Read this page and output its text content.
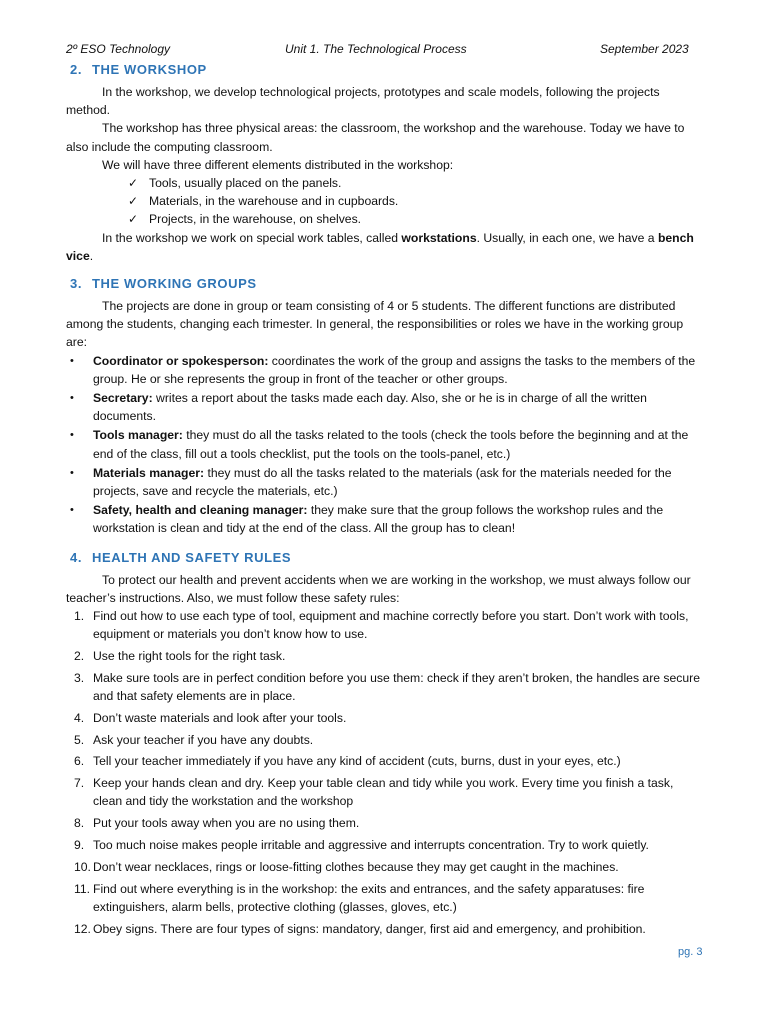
2º ESO Technology	Unit 1. The Technological Process	September 2023
2. THE WORKSHOP

In the workshop, we develop technological projects, prototypes and scale models, following the projects method.

The workshop has three physical areas: the classroom, the workshop and the warehouse. Today we have to also include the computing classroom.

We will have three different elements distributed in the workshop:

✓ Tools, usually placed on the panels.
✓ Materials, in the warehouse and in cupboards.
✓ Projects, in the warehouse, on shelves.

In the workshop we work on special work tables, called workstations. Usually, in each one, we have a bench vice.

3. THE WORKING GROUPS

The projects are done in group or team consisting of 4 or 5 students. The different functions are distributed among the students, changing each trimester. In general, the responsibilities or roles we have in the working group are:

• Coordinator or spokesperson: coordinates the work of the group and assigns the tasks to the members of the group. He or she represents the group in front of the teacher or other groups.
• Secretary: writes a report about the tasks made each day. Also, she or he is in charge of all the written documents.
• Tools manager: they must do all the tasks related to the tools (check the tools before the beginning and at the end of the class, fill out a tools checklist, put the tools on the tools-panel, etc.)
• Materials manager: they must do all the tasks related to the materials (ask for the materials needed for the projects, save and recycle the materials, etc.)
• Safety, health and cleaning manager: they make sure that the group follows the workshop rules and the workstation is clean and tidy at the end of the class. All the group has to clean!
4. HEALTH AND SAFETY RULES

To protect our health and prevent accidents when we are working in the workshop, we must always follow our teacher’s instructions. Also, we must follow these safety rules:

1. Find out how to use each type of tool, equipment and machine correctly before you start. Don’t work with tools, equipment or materials you don’t know how to use.
2. Use the right tools for the right task.
3. Make sure tools are in perfect condition before you use them: check if they aren’t broken, the handles are secure and that safety elements are in place.
4. Don’t waste materials and look after your tools.
5. Ask your teacher if you have any doubts.
6. Tell your teacher immediately if you have any kind of accident (cuts, burns, dust in your eyes, etc.)
7. Keep your hands clean and dry. Keep your table clean and tidy while you work. Every time you finish a task, clean and tidy the workstation and the workshop
8. Put your tools away when you are no using them.
9. Too much noise makes people irritable and aggressive and interrupts concentration. Try to work quietly.
10. Don’t wear necklaces, rings or loose-fitting clothes because they may get caught in the machines.
11. Find out where everything is in the workshop: the exits and entrances, and the safety apparatuses: fire extinguishers, alarm bells, protective clothing (glasses, gloves, etc.)
12. Obey signs. There are four types of signs: mandatory, danger, first aid and emergency, and prohibition.
pg. 3
